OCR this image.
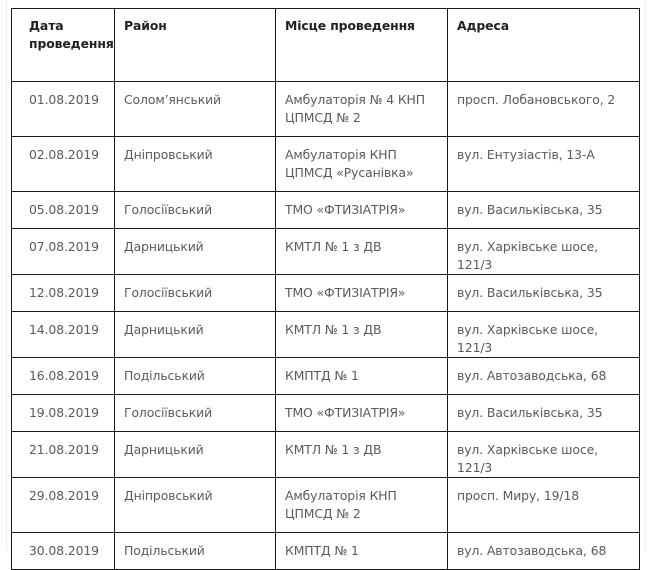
Дата проведення	Район	Місце проведення	Адреса
01.08.2019	Солом’янський	Амбулаторія № 4 КНП ЦПМСД № 2	просп. Лобановського, 2
02.08.2019	Дніпровський	Амбулаторія КНП ЦПМСД «Русанівка»	вул. Ентузіастів, 13-А
05.08.2019	Голосіївський	ТМО «ФТИЗІАТРІЯ»	вул. Васильківська, 35
07.08.2019	Дарницький	КМТЛ № 1 з ДВ	вул. Харківське шосе, 121/3
12.08.2019	Голосіївський	ТМО «ФТИЗІАТРІЯ»	вул. Васильківська, 35
14.08.2019	Дарницький	КМТЛ № 1 з ДВ	вул. Харківське шосе, 121/3
16.08.2019	Подільський	КМПТД № 1	вул. Автозаводська, 68
19.08.2019	Голосіївський	ТМО «ФТИЗІАТРІЯ»	вул. Васильківська, 35
21.08.2019	Дарницький	КМТЛ № 1 з ДВ	вул. Харківське шосе, 121/3
29.08.2019	Дніпровський	Амбулаторія КНП ЦПМСД № 2	просп. Миру, 19/18
30.08.2019	Подільський	КМПТД № 1	вул. Автозаводська, 68
